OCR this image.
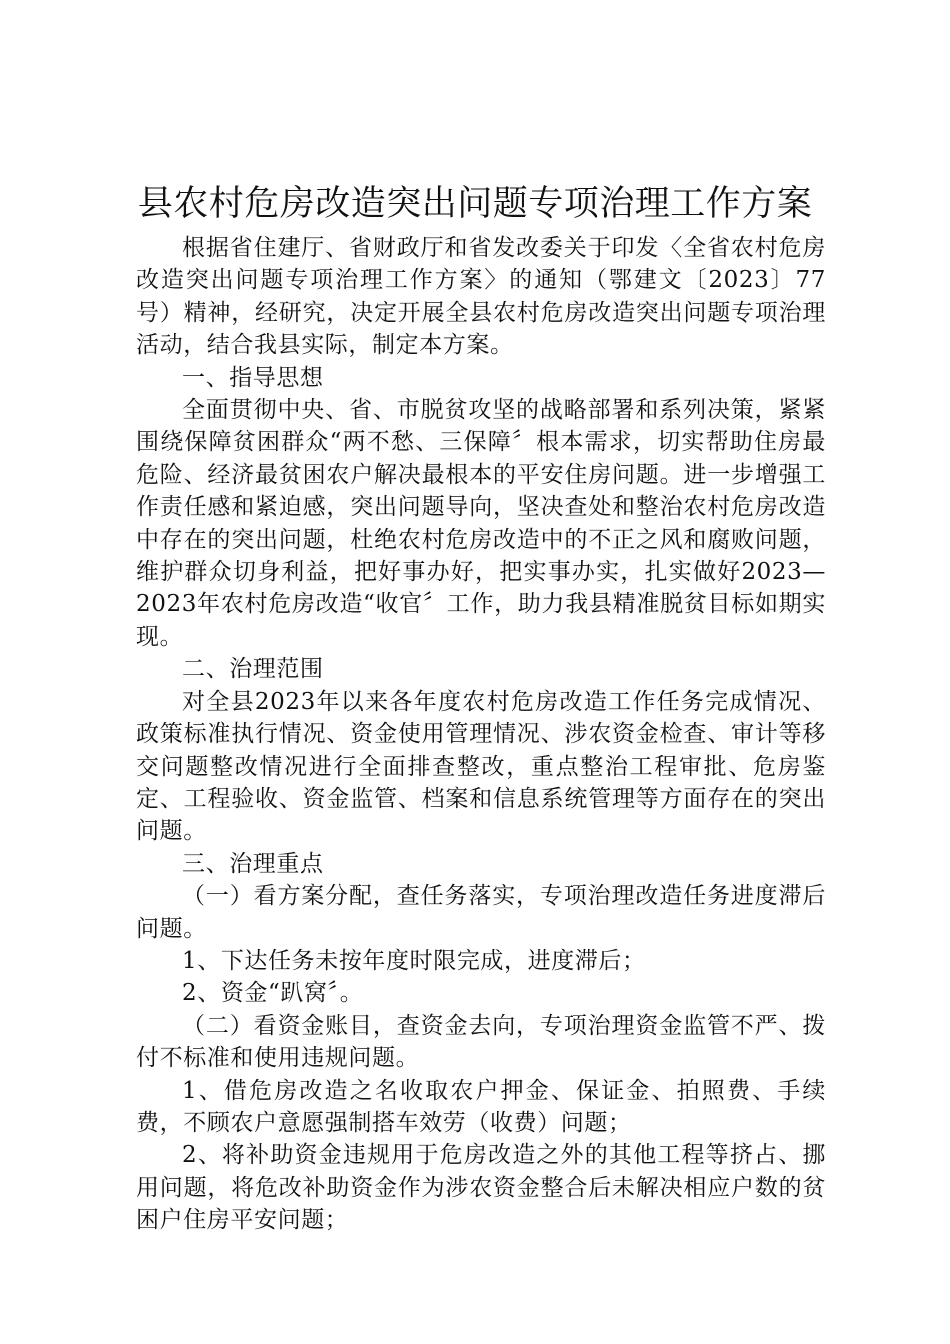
县农村危房改造突出问题专项治理工作方案

根据省住建厅、省财政厅和省发改委关于印发〈全省农村危房改造突出问题专项治理工作方案〉的通知（鄂建文〔2023〕77号）精神，经研究，决定开展全县农村危房改造突出问题专项治理活动，结合我县实际，制定本方案。

一、指导思想

全面贯彻中央、省、市脱贫攻坚的战略部署和系列决策，紧紧围绕保障贫困群众“两不愁、三保障〞根本需求，切实帮助住房最危险、经济最贫困农户解决最根本的平安住房问题。进一步增强工作责任感和紧迫感，突出问题导向，坚决查处和整治农村危房改造中存在的突出问题，杜绝农村危房改造中的不正之风和腐败问题，维护群众切身利益，把好事办好，把实事办实，扎实做好2023—2023年农村危房改造“收官〞工作，助力我县精准脱贫目标如期实现。

二、治理范围

对全县2023年以来各年度农村危房改造工作任务完成情况、政策标准执行情况、资金使用管理情况、涉农资金检查、审计等移交问题整改情况进行全面排查整改，重点整治工程审批、危房鉴定、工程验收、资金监管、档案和信息系统管理等方面存在的突出问题。

三、治理重点

（一）看方案分配，查任务落实，专项治理改造任务进度滞后问题。

1、下达任务未按年度时限完成，进度滞后；

2、资金“趴窝〞。

（二）看资金账目，查资金去向，专项治理资金监管不严、拨付不标准和使用违规问题。

1、借危房改造之名收取农户押金、保证金、拍照费、手续费，不顾农户意愿强制搭车效劳（收费）问题；

2、将补助资金违规用于危房改造之外的其他工程等挤占、挪用问题，将危改补助资金作为涉农资金整合后未解决相应户数的贫困户住房平安问题；
